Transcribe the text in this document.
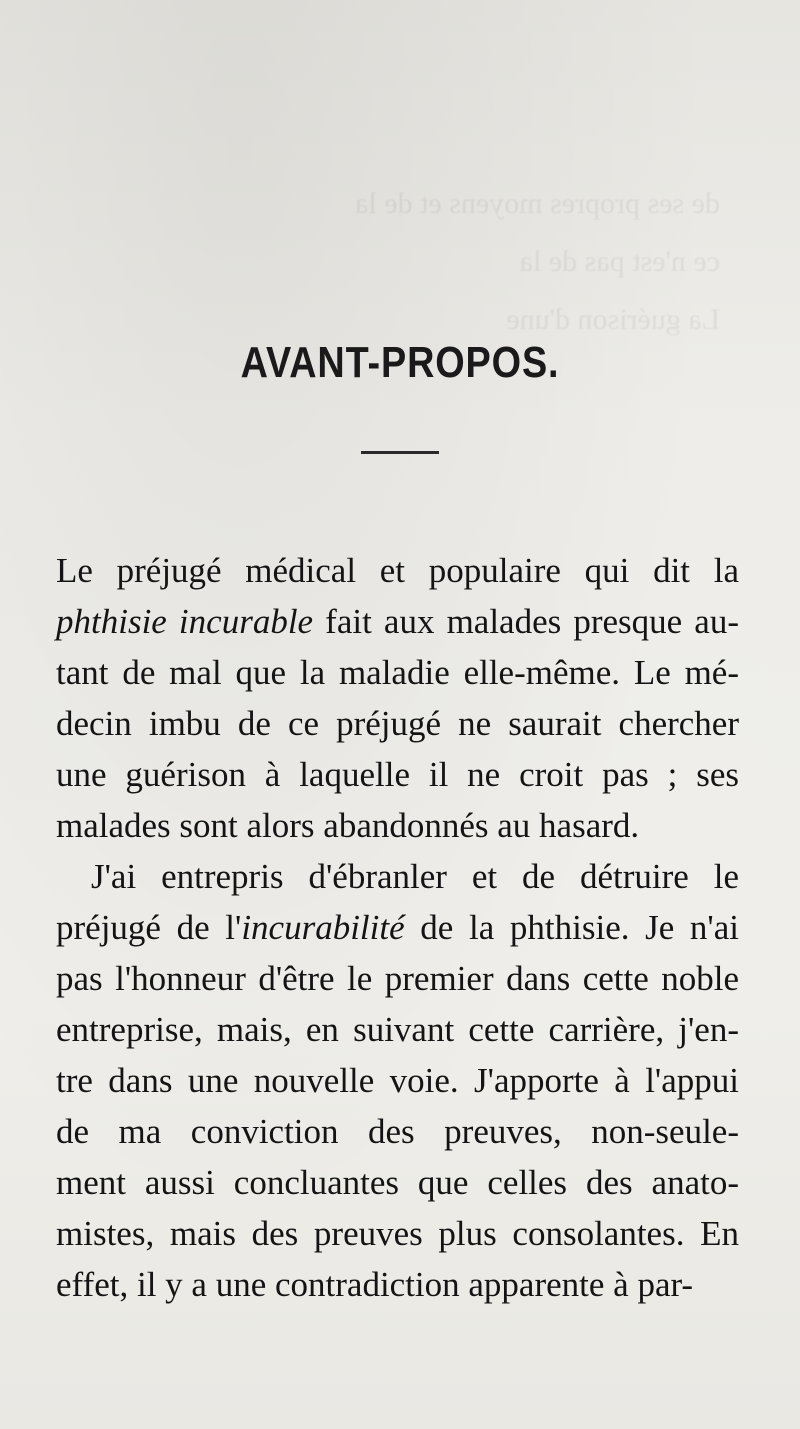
de ses propres moyens et de la
ce n'est pas de la
La guérison d'une
AVANT-PROPOS.
Le préjugé médical et populaire qui dit la
phthisie incurable fait aux malades presque au-
tant de mal que la maladie elle-même. Le mé-
decin imbu de ce préjugé ne saurait chercher
une guérison à laquelle il ne croit pas ; ses
malades sont alors abandonnés au hasard.
J'ai entrepris d'ébranler et de détruire le
préjugé de l'incurabilité de la phthisie. Je n'ai
pas l'honneur d'être le premier dans cette noble
entreprise, mais, en suivant cette carrière, j'en-
tre dans une nouvelle voie. J'apporte à l'appui
de ma conviction des preuves, non-seule-
ment aussi concluantes que celles des anato-
mistes, mais des preuves plus consolantes. En
effet, il y a une contradiction apparente à par-
